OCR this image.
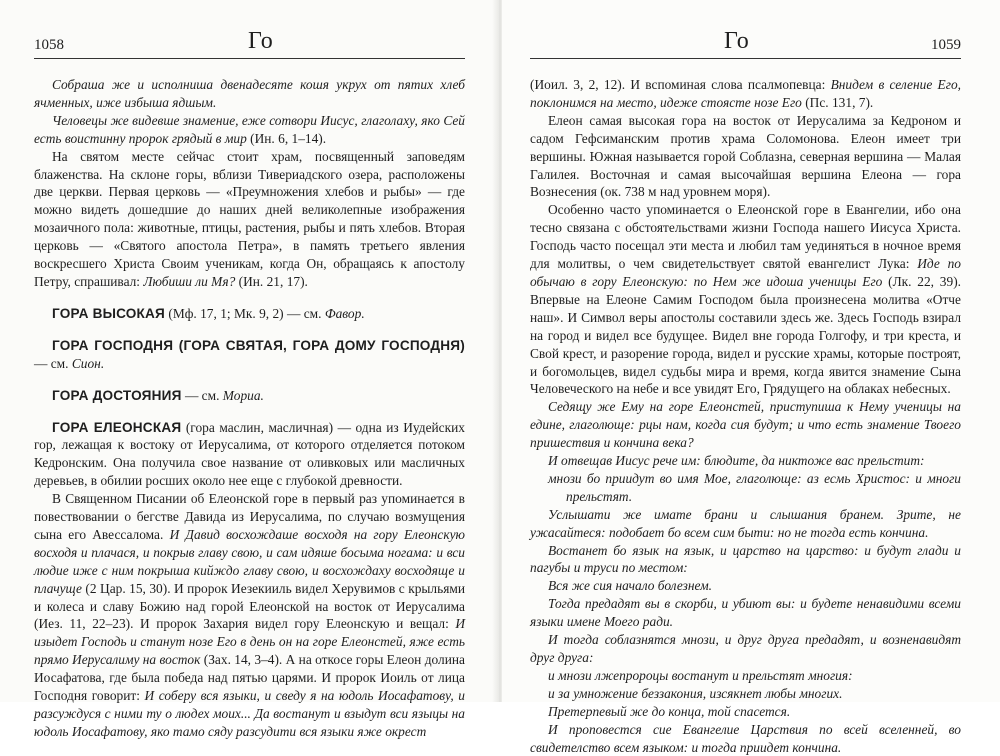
1058	Го

Собраша же и исполниша двенадесяте кошя укрух от пятих хлеб ячменных, иже избыша ядшым.

Человецы же видевше знамение, еже сотвори Иисус, глаголаху, яко Сей есть воистинну пророк грядый в мир (Ин. 6, 1–14).

На святом месте сейчас стоит храм, посвященный заповедям блаженства. На склоне горы, вблизи Тивериадского озера, расположены две церкви. Первая церковь — «Преумножения хлебов и рыбы» — где можно видеть дошедшие до наших дней великолепные изображения мозаичного пола: животные, птицы, растения, рыбы и пять хлебов. Вторая церковь — «Святого апостола Петра», в память третьего явления воскресшего Христа Своим ученикам, когда Он, обращаясь к апостолу Петру, спрашивал: Любиши ли Мя? (Ин. 21, 17).

ГОРА ВЫСОКАЯ (Мф. 17, 1; Мк. 9, 2) — см. Фавор.

ГОРА ГОСПОДНЯ (ГОРА СВЯТАЯ, ГОРА ДОМУ ГОСПОДНЯ) — см. Сион.

ГОРА ДОСТОЯНИЯ — см. Мориа.

ГОРА ЕЛЕОНСКАЯ (гора маслин, масличная) — одна из Иудейских гор, лежащая к востоку от Иерусалима, от которого отделяется потоком Кедронским. Она получила свое название от оливковых или масличных деревьев, в обилии росших около нее еще с глубокой древности.

В Священном Писании об Елеонской горе в первый раз упоминается в повествовании о бегстве Давида из Иерусалима, по случаю возмущения сына его Авессалома. И Давид восхождаше восходя на гору Елеонскую восходя и плачася, и покрыв главу свою, и сам идяше босыма ногама: и вси людие иже с ним покрыша кийждо главу свою, и восхождаху восходяще и плачуще (2 Цар. 15, 30). И пророк Иезекииль видел Херувимов с крыльями и колеса и славу Божию над горой Елеонской на восток от Иерусалима (Иез. 11, 22–23). И пророк Захария видел гору Елеонскую и вещал: И изыдет Господь и станут нозе Его в день он на горе Елеонстей, яже есть прямо Иерусалиму на восток (Зах. 14, 3–4). А на откосе горы Елеон долина Иосафатова, где была победа над пятью царями. И пророк Иоиль от лица Господня говорит: И соберу вся языки, и сведу я на юдоль Иосафатову, и разсуждуся с ними ту о людех моих... Да востанут и взыдут вси языцы на юдоль Иосафатову, яко тамо сяду разсудити вся языки яже окрест

Го	1059

(Иоил. 3, 2, 12). И вспоминая слова псалмопевца: Внидем в селение Его, поклонимся на место, идеже стоясте нозе Его (Пс. 131, 7).

Елеон самая высокая гора на восток от Иерусалима за Кедроном и садом Гефсиманским против храма Соломонова. Елеон имеет три вершины. Южная называется горой Соблазна, северная вершина — Малая Галилея. Восточная и самая высочайшая вершина Елеона — гора Вознесения (ок. 738 м над уровнем моря).

Особенно часто упоминается о Елеонской горе в Евангелии, ибо она тесно связана с обстоятельствами жизни Господа нашего Иисуса Христа. Господь часто посещал эти места и любил там уединяться в ночное время для молитвы, о чем свидетельствует святой евангелист Лука: Иде по обычаю в гору Елеонскую: по Нем же идоша ученицы Его (Лк. 22, 39). Впервые на Елеоне Самим Господом была произнесена молитва «Отче наш». И Символ веры апостолы составили здесь же. Здесь Господь взирал на город и видел все будущее. Видел вне города Голгофу, и три креста, и Свой крест, и разорение города, видел и русские храмы, которые построят, и богомольцев, видел судьбы мира и время, когда явится знамение Сына Человеческого на небе и все увидят Его, Грядущего на облаках небесных.

Седящу же Ему на горе Елеонстей, приступиша к Нему ученицы на едине, глаголюще: рцы нам, когда сия будут; и что есть знамение Твоего пришествия и кончина века?

И отвещав Иисус рече им: блюдите, да никтоже вас прельстит:

мнози бо приидут во имя Мое, глаголюще: аз есмь Христос: и многи прельстят.

Услышати же имате брани и слышания бранем. Зрите, не ужасайтеся: подобает бо всем сим быти: но не тогда есть кончина.

Востанет бо язык на язык, и царство на царство: и будут глади и пагубы и труси по местом:

Вся же сия начало болезнем.

Тогда предадят вы в скорби, и убиют вы: и будете ненавидими всеми языки имене Моего ради.

И тогда соблазнятся мнози, и друг друга предадят, и возненавидят друг друга:

и мнози лжепророцы востанут и прельстят многия:

и за умножение беззакония, изсякнет любы многих.

Претерпевый же до конца, той спасется.

И проповестся сие Евангелие Царствия по всей вселенней, во свидетелство всем языком: и тогда приидет кончина.
